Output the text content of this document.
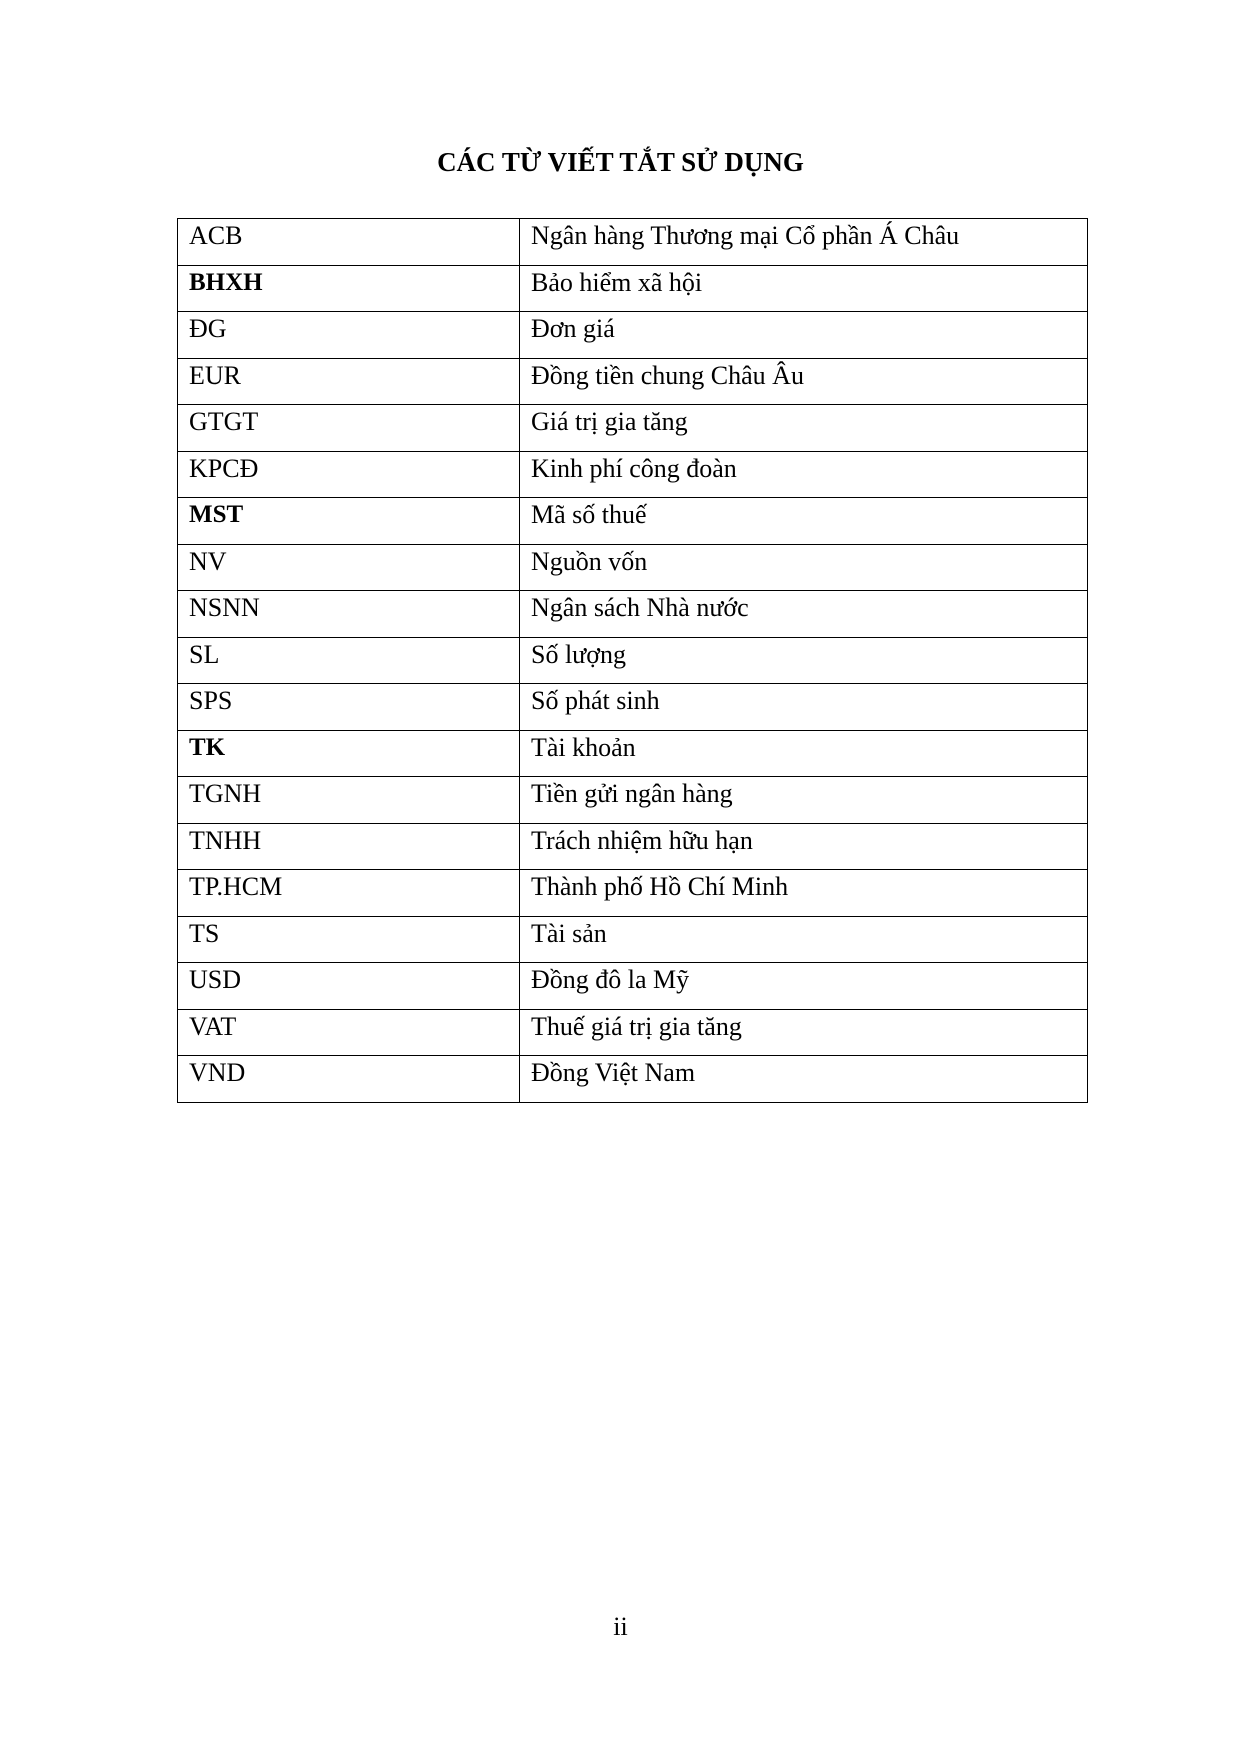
CÁC TỪ VIẾT TẮT SỬ DỤNG
ACB	Ngân hàng Thương mại Cổ phần Á Châu
BHXH	Bảo hiểm xã hội
ĐG	Đơn giá
EUR	Đồng tiền chung Châu Âu
GTGT	Giá trị gia tăng
KPCĐ	Kinh phí công đoàn
MST	Mã số thuế
NV	Nguồn vốn
NSNN	Ngân sách Nhà nước
SL	Số lượng
SPS	Số phát sinh
TK	Tài khoản
TGNH	Tiền gửi ngân hàng
TNHH	Trách nhiệm hữu hạn
TP.HCM	Thành phố Hồ Chí Minh
TS	Tài sản
USD	Đồng đô la Mỹ
VAT	Thuế giá trị gia tăng
VND	Đồng Việt Nam
ii
